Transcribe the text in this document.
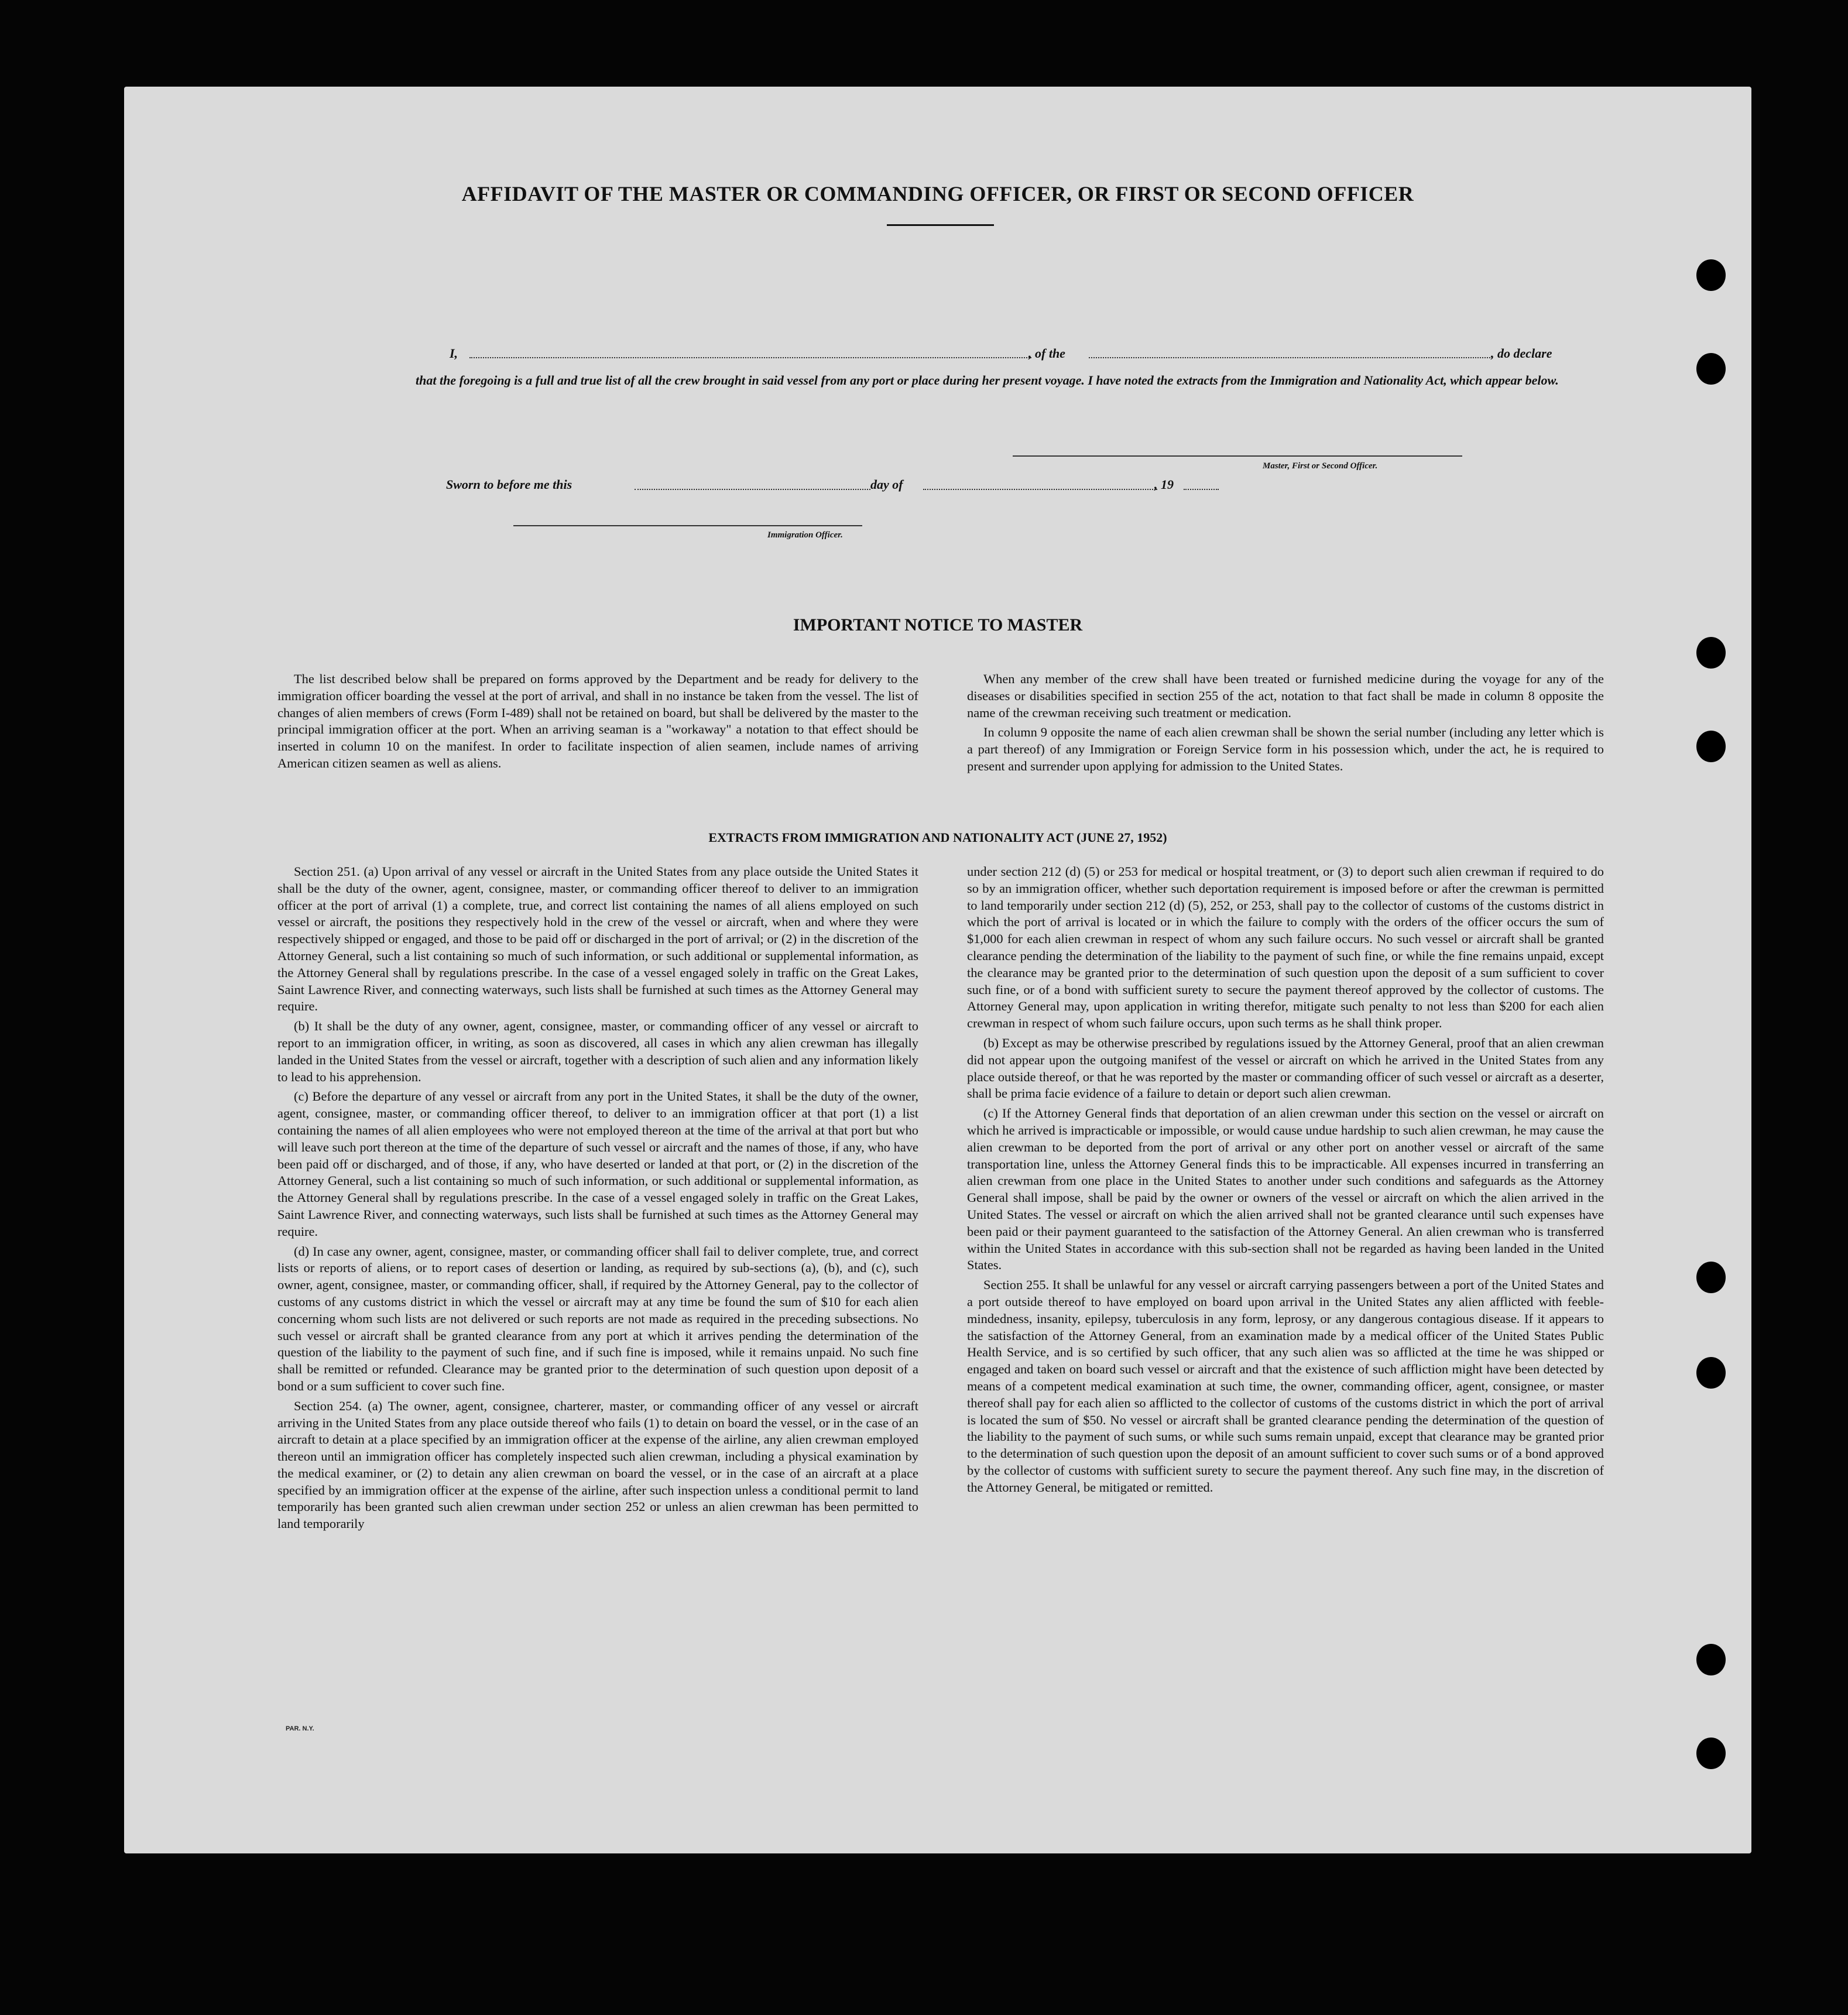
AFFIDAVIT OF THE MASTER OR COMMANDING OFFICER, OR FIRST OR SECOND OFFICER
I,	, of the	, do declare
that the foregoing is a full and true list of all the crew brought in said vessel from any port or place during her present voyage. I have noted the extracts from the Immigration and Nationality Act, which appear below.
Master, First or Second Officer.
Sworn to before me this	day of	, 19
Immigration Officer.
IMPORTANT NOTICE TO MASTER

The list described below shall be prepared on forms approved by the Department and be ready for delivery to the immigration officer boarding the vessel at the port of arrival, and shall in no instance be taken from the vessel. The list of changes of alien members of crews (Form I-489) shall not be retained on board, but shall be delivered by the master to the principal immigration officer at the port. When an arriving seaman is a "workaway" a notation to that effect should be inserted in column 10 on the manifest. In order to facilitate inspection of alien seamen, include names of arriving American citizen seamen as well as aliens.

When any member of the crew shall have been treated or furnished medicine during the voyage for any of the diseases or disabilities specified in section 255 of the act, notation to that fact shall be made in column 8 opposite the name of the crewman receiving such treatment or medication.

In column 9 opposite the name of each alien crewman shall be shown the serial number (including any letter which is a part thereof) of any Immigration or Foreign Service form in his possession which, under the act, he is required to present and surrender upon applying for admission to the United States.

EXTRACTS FROM IMMIGRATION AND NATIONALITY ACT (JUNE 27, 1952)

Section 251. (a) Upon arrival of any vessel or aircraft in the United States from any place outside the United States it shall be the duty of the owner, agent, consignee, master, or commanding officer thereof to deliver to an immigration officer at the port of arrival (1) a complete, true, and correct list containing the names of all aliens employed on such vessel or aircraft, the positions they respectively hold in the crew of the vessel or aircraft, when and where they were respectively shipped or engaged, and those to be paid off or discharged in the port of arrival; or (2) in the discretion of the Attorney General, such a list containing so much of such information, or such additional or supplemental information, as the Attorney General shall by regulations prescribe. In the case of a vessel engaged solely in traffic on the Great Lakes, Saint Lawrence River, and connecting waterways, such lists shall be furnished at such times as the Attorney General may require.

(b) It shall be the duty of any owner, agent, consignee, master, or commanding officer of any vessel or aircraft to report to an immigration officer, in writing, as soon as discovered, all cases in which any alien crewman has illegally landed in the United States from the vessel or aircraft, together with a description of such alien and any information likely to lead to his apprehension.

(c) Before the departure of any vessel or aircraft from any port in the United States, it shall be the duty of the owner, agent, consignee, master, or commanding officer thereof, to deliver to an immigration officer at that port (1) a list containing the names of all alien employees who were not employed thereon at the time of the arrival at that port but who will leave such port thereon at the time of the departure of such vessel or aircraft and the names of those, if any, who have been paid off or discharged, and of those, if any, who have deserted or landed at that port, or (2) in the discretion of the Attorney General, such a list containing so much of such information, or such additional or supplemental information, as the Attorney General shall by regulations prescribe. In the case of a vessel engaged solely in traffic on the Great Lakes, Saint Lawrence River, and connecting waterways, such lists shall be furnished at such times as the Attorney General may require.

(d) In case any owner, agent, consignee, master, or commanding officer shall fail to deliver complete, true, and correct lists or reports of aliens, or to report cases of desertion or landing, as required by sub-sections (a), (b), and (c), such owner, agent, consignee, master, or commanding officer, shall, if required by the Attorney General, pay to the collector of customs of any customs district in which the vessel or aircraft may at any time be found the sum of $10 for each alien concerning whom such lists are not delivered or such reports are not made as required in the preceding subsections. No such vessel or aircraft shall be granted clearance from any port at which it arrives pending the determination of the question of the liability to the payment of such fine, and if such fine is imposed, while it remains unpaid. No such fine shall be remitted or refunded. Clearance may be granted prior to the determination of such question upon deposit of a bond or a sum sufficient to cover such fine.

Section 254. (a) The owner, agent, consignee, charterer, master, or commanding officer of any vessel or aircraft arriving in the United States from any place outside thereof who fails (1) to detain on board the vessel, or in the case of an aircraft to detain at a place specified by an immigration officer at the expense of the airline, any alien crewman employed thereon until an immigration officer has completely inspected such alien crewman, including a physical examination by the medical examiner, or (2) to detain any alien crewman on board the vessel, or in the case of an aircraft at a place specified by an immigration officer at the expense of the airline, after such inspection unless a conditional permit to land temporarily has been granted such alien crewman under section 252 or unless an alien crewman has been permitted to land temporarily

under section 212 (d) (5) or 253 for medical or hospital treatment, or (3) to deport such alien crewman if required to do so by an immigration officer, whether such deportation requirement is imposed before or after the crewman is permitted to land temporarily under section 212 (d) (5), 252, or 253, shall pay to the collector of customs of the customs district in which the port of arrival is located or in which the failure to comply with the orders of the officer occurs the sum of $1,000 for each alien crewman in respect of whom any such failure occurs. No such vessel or aircraft shall be granted clearance pending the determination of the liability to the payment of such fine, or while the fine remains unpaid, except the clearance may be granted prior to the determination of such question upon the deposit of a sum sufficient to cover such fine, or of a bond with sufficient surety to secure the payment thereof approved by the collector of customs. The Attorney General may, upon application in writing therefor, mitigate such penalty to not less than $200 for each alien crewman in respect of whom such failure occurs, upon such terms as he shall think proper.

(b) Except as may be otherwise prescribed by regulations issued by the Attorney General, proof that an alien crewman did not appear upon the outgoing manifest of the vessel or aircraft on which he arrived in the United States from any place outside thereof, or that he was reported by the master or commanding officer of such vessel or aircraft as a deserter, shall be prima facie evidence of a failure to detain or deport such alien crewman.

(c) If the Attorney General finds that deportation of an alien crewman under this section on the vessel or aircraft on which he arrived is impracticable or impossible, or would cause undue hardship to such alien crewman, he may cause the alien crewman to be deported from the port of arrival or any other port on another vessel or aircraft of the same transportation line, unless the Attorney General finds this to be impracticable. All expenses incurred in transferring an alien crewman from one place in the United States to another under such conditions and safeguards as the Attorney General shall impose, shall be paid by the owner or owners of the vessel or aircraft on which the alien arrived in the United States. The vessel or aircraft on which the alien arrived shall not be granted clearance until such expenses have been paid or their payment guaranteed to the satisfaction of the Attorney General. An alien crewman who is transferred within the United States in accordance with this sub-section shall not be regarded as having been landed in the United States.

Section 255. It shall be unlawful for any vessel or aircraft carrying passengers between a port of the United States and a port outside thereof to have employed on board upon arrival in the United States any alien afflicted with feeble-mindedness, insanity, epilepsy, tuberculosis in any form, leprosy, or any dangerous contagious disease. If it appears to the satisfaction of the Attorney General, from an examination made by a medical officer of the United States Public Health Service, and is so certified by such officer, that any such alien was so afflicted at the time he was shipped or engaged and taken on board such vessel or aircraft and that the existence of such affliction might have been detected by means of a competent medical examination at such time, the owner, commanding officer, agent, consignee, or master thereof shall pay for each alien so afflicted to the collector of customs of the customs district in which the port of arrival is located the sum of $50. No vessel or aircraft shall be granted clearance pending the determination of the question of the liability to the payment of such sums, or while such sums remain unpaid, except that clearance may be granted prior to the determination of such question upon the deposit of an amount sufficient to cover such sums or of a bond approved by the collector of customs with sufficient surety to secure the payment thereof. Any such fine may, in the discretion of the Attorney General, be mitigated or remitted.

PAR. N.Y.
